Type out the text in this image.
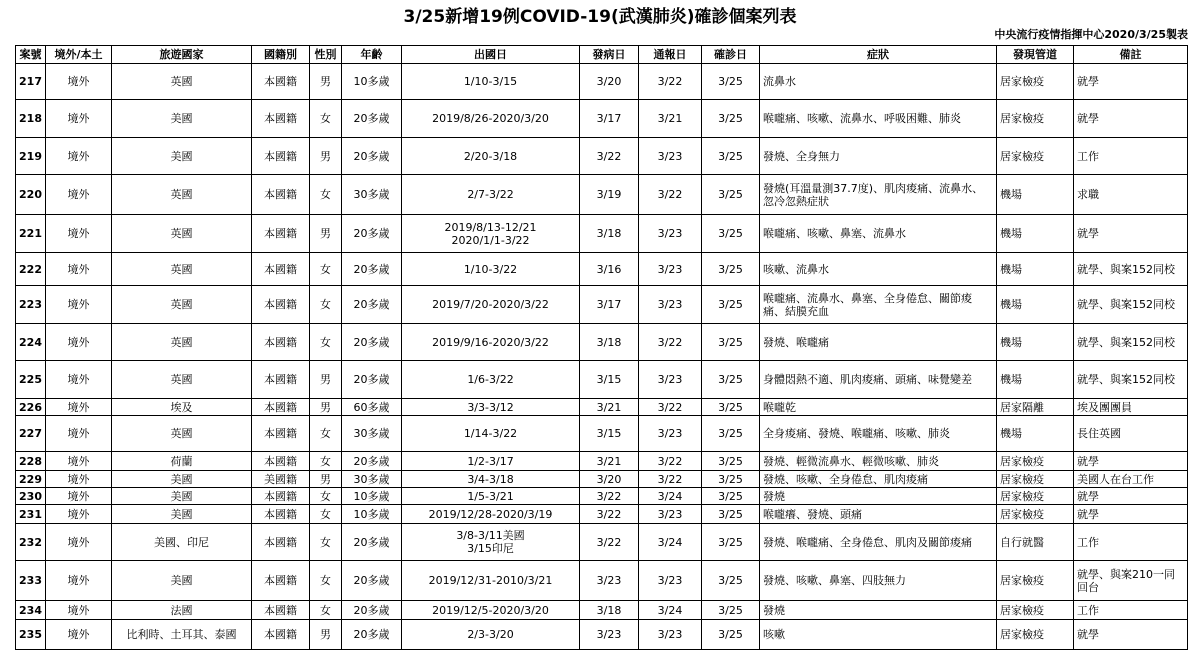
3/25新增19例COVID-19(武漢肺炎)確診個案列表
中央流行疫情指揮中心2020/3/25製表
案號	境外/本土	旅遊國家	國籍別	性別	年齡	出國日	發病日	通報日	確診日	症狀	發現管道	備註
217	境外	英國	本國籍	男	10多歲	1/10-3/15	3/20	3/22	3/25	流鼻水	居家檢疫	就學
218	境外	美國	本國籍	女	20多歲	2019/8/26-2020/3/20	3/17	3/21	3/25	喉嚨痛、咳嗽、流鼻水、呼吸困難、肺炎	居家檢疫	就學
219	境外	美國	本國籍	男	20多歲	2/20-3/18	3/22	3/23	3/25	發燒、全身無力	居家檢疫	工作
220	境外	英國	本國籍	女	30多歲	2/7-3/22	3/19	3/22	3/25	發燒(耳溫量測37.7度)、肌肉痠痛、流鼻水、忽冷忽熱症狀	機場	求職
221	境外	英國	本國籍	男	20多歲	2019/8/13-12/21
2020/1/1-3/22	3/18	3/23	3/25	喉嚨痛、咳嗽、鼻塞、流鼻水	機場	就學
222	境外	英國	本國籍	女	20多歲	1/10-3/22	3/16	3/23	3/25	咳嗽、流鼻水	機場	就學、與案152同校
223	境外	英國	本國籍	女	20多歲	2019/7/20-2020/3/22	3/17	3/23	3/25	喉嚨痛、流鼻水、鼻塞、全身倦怠、關節痠痛、結膜充血	機場	就學、與案152同校
224	境外	英國	本國籍	女	20多歲	2019/9/16-2020/3/22	3/18	3/22	3/25	發燒、喉嚨痛	機場	就學、與案152同校
225	境外	英國	本國籍	男	20多歲	1/6-3/22	3/15	3/23	3/25	身體悶熱不適、肌肉痠痛、頭痛、味覺變差	機場	就學、與案152同校
226	境外	埃及	本國籍	男	60多歲	3/3-3/12	3/21	3/22	3/25	喉嚨乾	居家隔離	埃及團團員
227	境外	英國	本國籍	女	30多歲	1/14-3/22	3/15	3/23	3/25	全身痠痛、發燒、喉嚨痛、咳嗽、肺炎	機場	長住英國
228	境外	荷蘭	本國籍	女	20多歲	1/2-3/17	3/21	3/22	3/25	發燒、輕微流鼻水、輕微咳嗽、肺炎	居家檢疫	就學
229	境外	美國	美國籍	男	30多歲	3/4-3/18	3/20	3/22	3/25	發燒、咳嗽、全身倦怠、肌肉痠痛	居家檢疫	美國人在台工作
230	境外	美國	本國籍	女	10多歲	1/5-3/21	3/22	3/24	3/25	發燒	居家檢疫	就學
231	境外	美國	本國籍	女	10多歲	2019/12/28-2020/3/19	3/22	3/23	3/25	喉嚨癢、發燒、頭痛	居家檢疫	就學
232	境外	美國、印尼	本國籍	女	20多歲	3/8-3/11美國
3/15印尼	3/22	3/24	3/25	發燒、喉嚨痛、全身倦怠、肌肉及關節痠痛	自行就醫	工作
233	境外	美國	本國籍	女	20多歲	2019/12/31-2010/3/21	3/23	3/23	3/25	發燒、咳嗽、鼻塞、四肢無力	居家檢疫	就學、與案210一同回台
234	境外	法國	本國籍	女	20多歲	2019/12/5-2020/3/20	3/18	3/24	3/25	發燒	居家檢疫	工作
235	境外	比利時、土耳其、泰國	本國籍	男	20多歲	2/3-3/20	3/23	3/23	3/25	咳嗽	居家檢疫	就學
